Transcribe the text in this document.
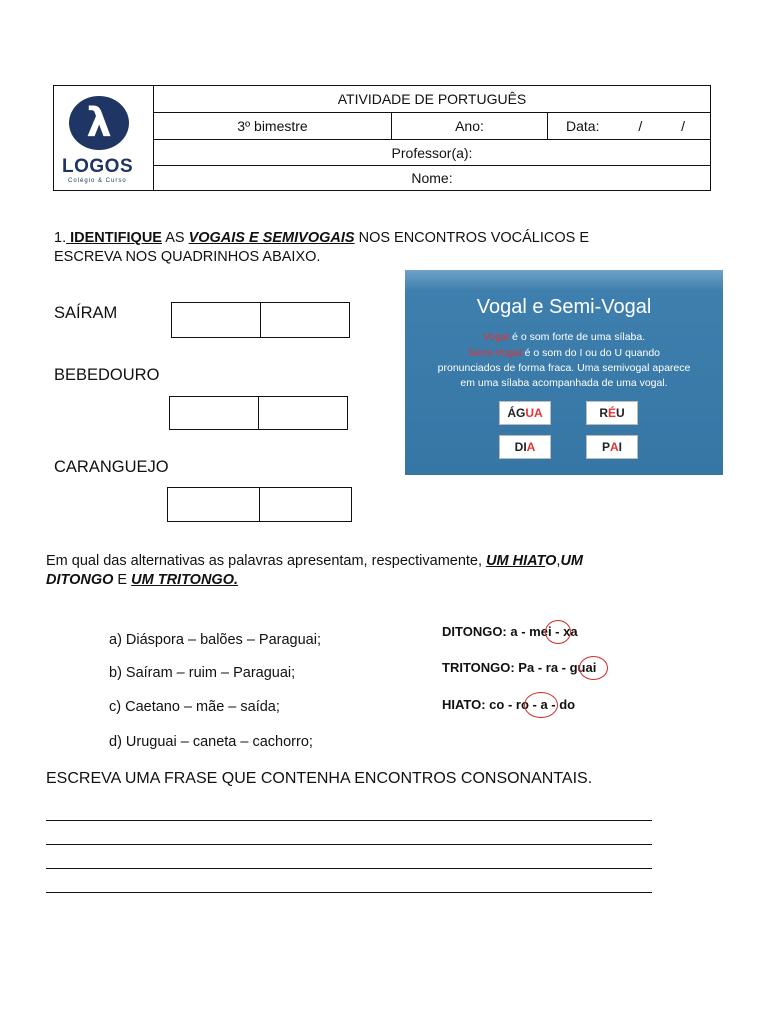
λ
LOGOS
Colégio & Curso
ATIVIDADE DE PORTUGUÊS
3º bimestre	Ano:	Data:          /          /
Professor(a):
Nome:
1. IDENTIFIQUE AS VOGAIS E SEMIVOGAIS NOS ENCONTROS VOCÁLICOS E
ESCREVA NOS QUADRINHOS ABAIXO.
SAÍRAM
BEBEDOURO
CARANGUEJO
Vogal e Semi-Vogal
Vogal é o som forte de uma sílaba.
Semi-Vogal é o som do I ou do U quando
pronunciados de forma fraca. Uma semivogal aparece
em uma sílaba acompanhada de uma vogal.
ÁG U A	R É U
D I A	P A I
Em qual das alternativas as palavras apresentam, respectivamente, UM HIATO,UM
DITONGO E UM TRITONGO.
a) Diáspora – balões – Paraguai;
b) Saíram – ruim – Paraguai;
c) Caetano – mãe – saída;
d) Uruguai – caneta – cachorro;
DITONGO: a - mei - xa
TRITONGO: Pa - ra - guai
HIATO: co - ro - a - do
ESCREVA UMA FRASE QUE CONTENHA ENCONTROS CONSONANTAIS.
